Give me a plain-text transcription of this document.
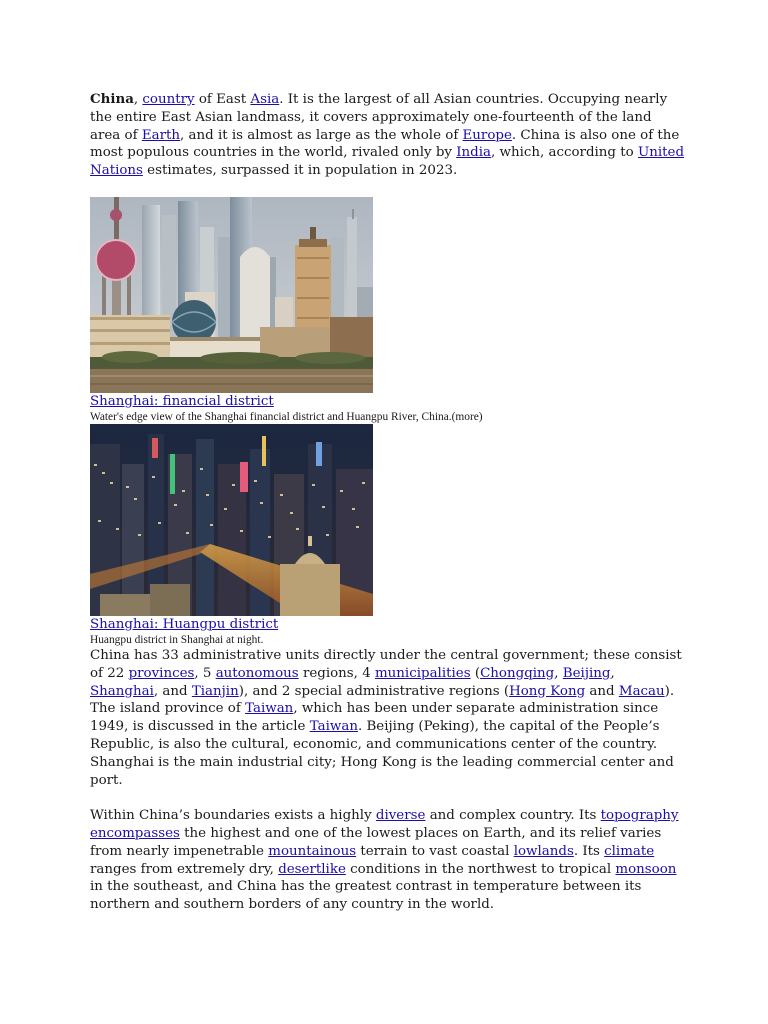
China, country of East Asia. It is the largest of all Asian countries. Occupying nearly the entire East Asian landmass, it covers approximately one-fourteenth of the land area of Earth, and it is almost as large as the whole of Europe. China is also one of the most populous countries in the world, rivaled only by India, which, according to United Nations estimates, surpassed it in population in 2023.

Shanghai: financial district

Water's edge view of the Shanghai financial district and Huangpu River, China.(more)

Shanghai: Huangpu district

Huangpu district in Shanghai at night.

China has 33 administrative units directly under the central government; these consist of 22 provinces, 5 autonomous regions, 4 municipalities (Chongqing, Beijing, Shanghai, and Tianjin), and 2 special administrative regions (Hong Kong and Macau). The island province of Taiwan, which has been under separate administration since 1949, is discussed in the article Taiwan. Beijing (Peking), the capital of the People’s Republic, is also the cultural, economic, and communications center of the country. Shanghai is the main industrial city; Hong Kong is the leading commercial center and port.

Within China’s boundaries exists a highly diverse and complex country. Its topography encompasses the highest and one of the lowest places on Earth, and its relief varies from nearly impenetrable mountainous terrain to vast coastal lowlands. Its climate ranges from extremely dry, desertlike conditions in the northwest to tropical monsoon in the southeast, and China has the greatest contrast in temperature between its northern and southern borders of any country in the world.
